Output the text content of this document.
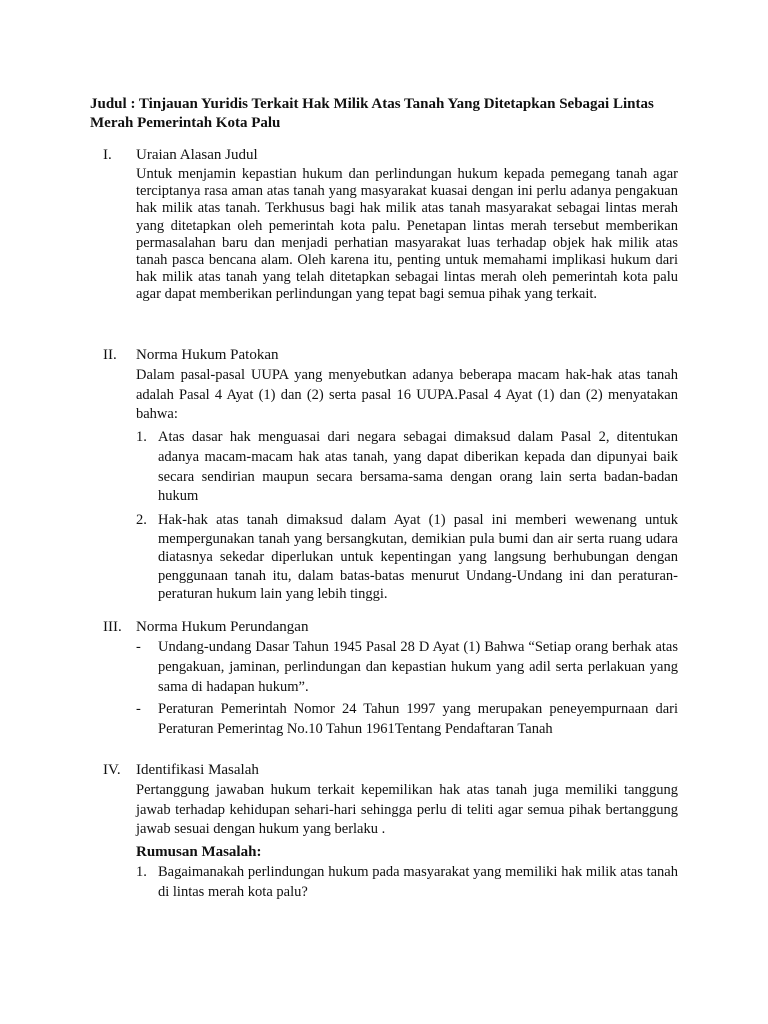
Judul : Tinjauan Yuridis Terkait Hak Milik Atas Tanah Yang Ditetapkan Sebagai Lintas Merah Pemerintah Kota Palu
I. Uraian Alasan Judul
Untuk menjamin kepastian hukum dan perlindungan hukum kepada pemegang tanah agar terciptanya rasa aman atas tanah yang masyarakat kuasai dengan ini perlu adanya pengakuan hak milik atas tanah. Terkhusus bagi hak milik atas tanah masyarakat sebagai lintas merah yang ditetapkan oleh pemerintah kota palu. Penetapan lintas merah tersebut memberikan permasalahan baru dan menjadi perhatian masyarakat luas terhadap objek hak milik atas tanah pasca bencana alam. Oleh karena itu, penting untuk memahami implikasi hukum dari hak milik atas tanah yang telah ditetapkan sebagai lintas merah oleh pemerintah kota palu agar dapat memberikan perlindungan yang tepat bagi semua pihak yang terkait.
II. Norma Hukum Patokan
Dalam pasal-pasal UUPA yang menyebutkan adanya beberapa macam hak-hak atas tanah adalah Pasal 4 Ayat (1) dan (2) serta pasal 16 UUPA.Pasal 4 Ayat (1) dan (2) menyatakan bahwa:
1. Atas dasar hak menguasai dari negara sebagai dimaksud dalam Pasal 2, ditentukan adanya macam-macam hak atas tanah, yang dapat diberikan kepada dan dipunyai baik secara sendirian maupun secara bersama-sama dengan orang lain serta badan-badan hukum
2. Hak-hak atas tanah dimaksud dalam Ayat (1) pasal ini memberi wewenang untuk mempergunakan tanah yang bersangkutan, demikian pula bumi dan air serta ruang udara diatasnya sekedar diperlukan untuk kepentingan yang langsung berhubungan dengan penggunaan tanah itu, dalam batas-batas menurut Undang-Undang ini dan peraturan-peraturan hukum lain yang lebih tinggi.
III. Norma Hukum Perundangan
- Undang-undang Dasar Tahun 1945 Pasal 28 D Ayat (1) Bahwa “Setiap orang berhak atas pengakuan, jaminan, perlindungan dan kepastian hukum yang adil serta perlakuan yang sama di hadapan hukum”.
- Peraturan Pemerintah Nomor 24 Tahun 1997 yang merupakan peneyempurnaan dari Peraturan Pemerintag No.10 Tahun 1961Tentang Pendaftaran Tanah
IV. Identifikasi Masalah
Pertanggung jawaban hukum terkait kepemilikan hak atas tanah juga memiliki tanggung jawab terhadap kehidupan sehari-hari sehingga perlu di teliti agar semua pihak bertanggung jawab sesuai dengan hukum yang berlaku .
Rumusan Masalah:
1. Bagaimanakah perlindungan hukum pada masyarakat yang memiliki hak milik atas tanah di lintas merah kota palu?
